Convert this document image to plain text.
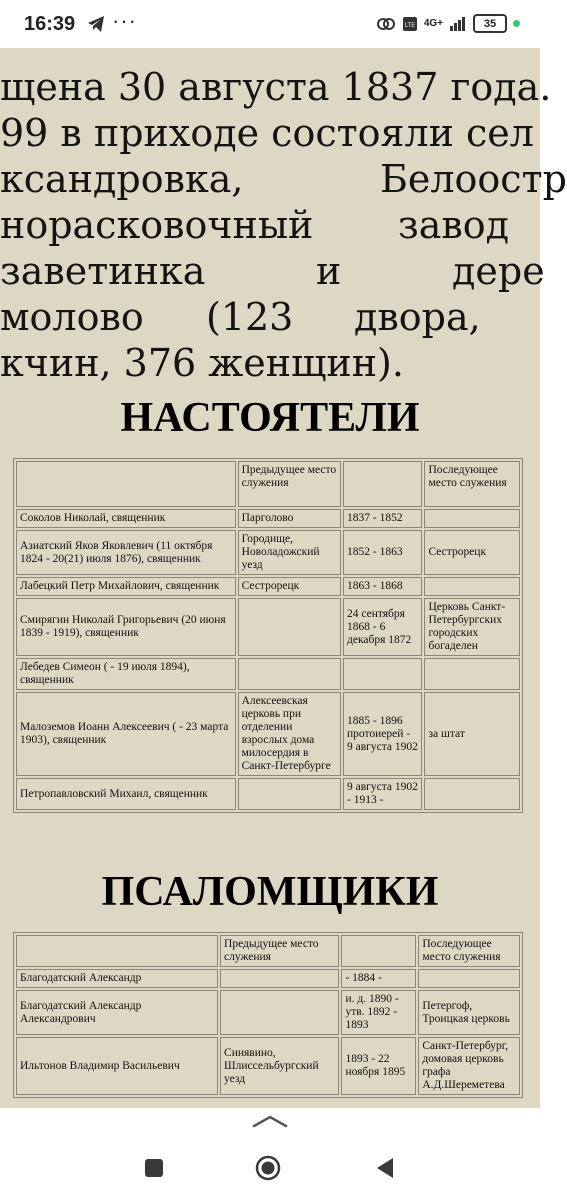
16:39 ···	LTE 4G+	35
щена 30 августа 1837 года.
99 в приходе состояли сел
ксандровка,	Белоостр
норасковочный завод
заветинка	и	дере
молово (123 двора,
кчин, 376 женщин).
НАСТОЯТЕЛИ
	Предыдущее место служения		Последующее место служения
Соколов Николай, священник	Парголово	1837 - 1852	
Азиатский Яков Яковлевич (11 октября 1824 - 20(21) июля 1876), священник	Городище, Новоладожский уезд	1852 - 1863	Сестрорецк
Лабецкий Петр Михайлович, священник	Сестрорецк	1863 - 1868	
Смирягин Николай Григорьевич (20 июня 1839 - 1919), священник		24 сентября 1868 - 6 декабря 1872	Церковь Санкт-Петербургских городских богаделен
Лебедев Симеон ( - 19 июля 1894), священник			
Малоземов Иоанн Алексеевич ( - 23 марта 1903), священник	Алексеевская церковь при отделении взрослых дома милосердия в Санкт-Петербурге	1885 - 1896 протоиерей - 9 августа 1902	за штат
Петропавловский Михаил, священник		9 августа 1902 - 1913 -	
ПСАЛОМЩИКИ
	Предыдущее место служения		Последующее место служения
Благодатский Александр		- 1884 -	
Благодатский Александр Александрович		и. д. 1890 - утв. 1892 - 1893	Петергоф, Троицкая церковь
Ильтонов Владимир Васильевич	Синявино, Шлиссельбургский уезд	1893 - 22 ноября 1895	Санкт-Петербург, домовая церковь графа А.Д.Шереметева
